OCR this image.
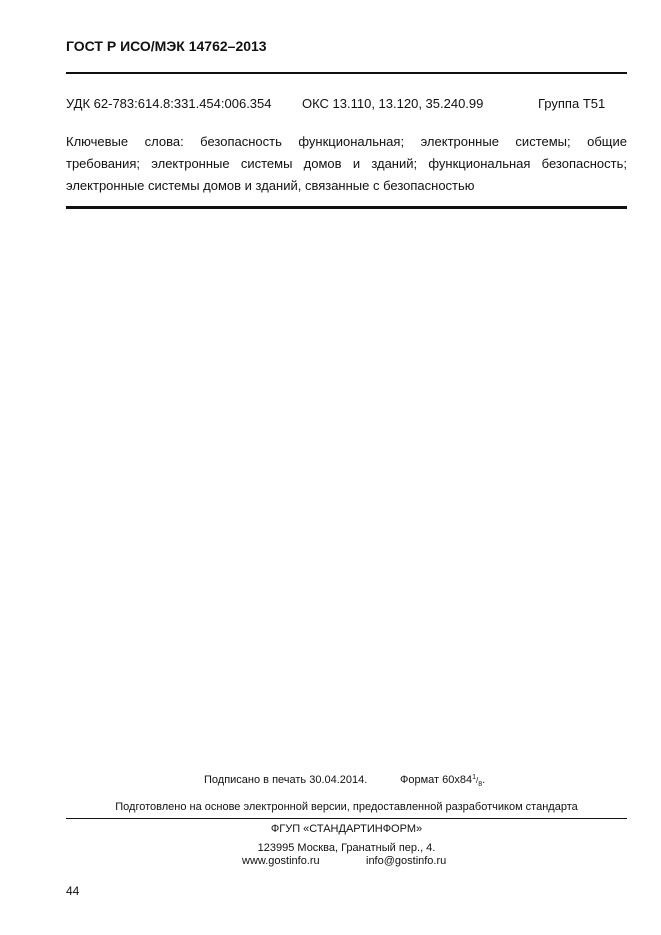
ГОСТ Р ИСО/МЭК 14762–2013
УДК 62-783:614.8:331.454:006.354 ОКС 13.110, 13.120, 35.240.99	Группа Т51
Ключевые слова: безопасность функциональная; электронные системы; общие
требования; электронные системы домов и зданий; функциональная безопасность;
электронные системы домов и зданий, связанные с безопасностью
Подписано в печать 30.04.2014.	Формат $60х84^1/_8$.
Подготовлено на основе электронной версии, предоставленной разработчиком стандарта
ФГУП «СТАНДАРТИНФОРМ»
123995 Москва, Гранатный пер., 4.
www.gostinfo.ru	info@gostinfo.ru
44
